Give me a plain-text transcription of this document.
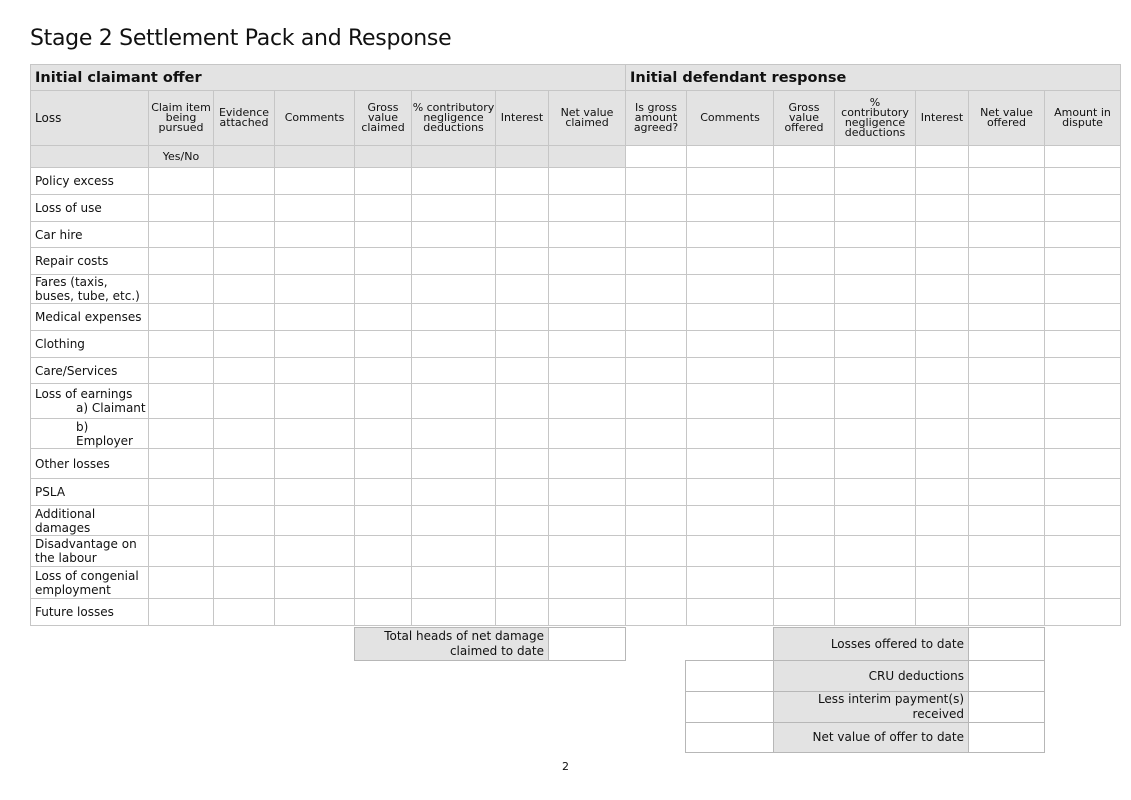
Stage 2 Settlement Pack and Response
Initial claimant offer								Initial defendant response						
Loss	Claim item being pursued	Evidence attached	Comments	Gross value claimed	% contributory negligence deductions	Interest	Net value claimed	Is gross amount agreed?	Comments	Gross value offered	% contributory negligence deductions	Interest	Net value offered	Amount in dispute
	Yes/No													

Policy excess														

Loss of use														

Car hire														

Repair costs														

Fares (taxis, buses, tube, etc.)														

Medical expenses														

Clothing														

Care/Services														

Loss of earnings
a) Claimant														

b) Employer														

Other losses														

PSLA														

Additional damages														

Disadvantage on the labour														

Loss of congenial employment														

Future losses														

Total heads of net damage claimed to date	
	Losses offered to date	
	CRU deductions	
	Less interim payment(s) received	
	Net value of offer to date	
2
